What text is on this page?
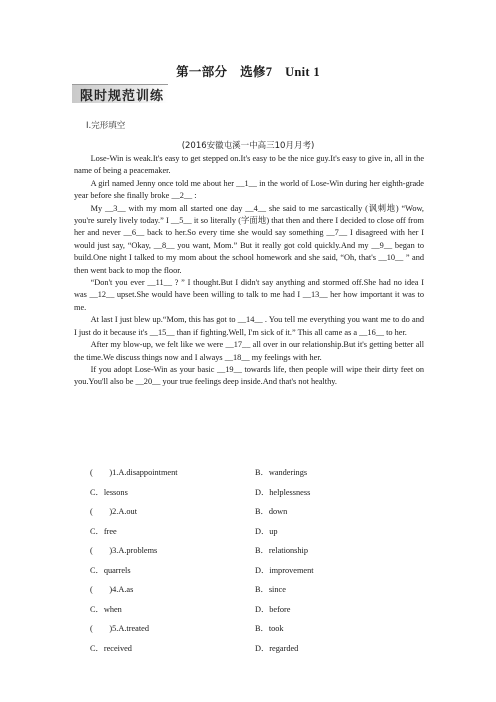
第一部分　选修7　Unit 1
限时规范训练
Ⅰ.完形填空
(2016安徽屯溪一中高三10月月考)

Lose-Win is weak.It's easy to get stepped on.It's easy to be the nice guy.It's easy to give in, all in the name of being a peacemaker.

A girl named Jenny once told me about her __1__ in the world of Lose-Win during her eighth-grade year before she finally broke __2__ :

My __3__ with my mom all started one day __4__ she said to me sarcastically (讽刺地) “Wow, you're surely lively today.” I __5__ it so literally (字面地) that then and there I decided to close off from her and never __6__ back to her.So every time she would say something __7__ I disagreed with her I would just say, “Okay, __8__ you want, Mom.” But it really got cold quickly.And my __9__ began to build.One night I talked to my mom about the school homework and she said, “Oh, that's __10__ ” and then went back to mop the floor.

“Don't you ever __11__ ? ” I thought.But I didn't say anything and stormed off.She had no idea I was __12__ upset.She would have been willing to talk to me had I __13__ her how important it was to me.

At last I just blew up.“Mom, this has got to __14__ . You tell me everything you want me to do and I just do it because it's __15__ than if fighting.Well, I'm sick of it.” This all came as a __16__ to her.

After my blow-up, we felt like we were __17__ all over in our relationship.But it's getting better all the time.We discuss things now and I always __18__ my feelings with her.

If you adopt Lose-Win as your basic __19__ towards life, then people will wipe their dirty feet on you.You'll also be __20__ your true feelings deep inside.And that's not healthy.

(　　)1.A.disappointment	B．wanderings
C．lessons	D．helplessness
(　　)2.A.out	B．down
C．free	D．up
(　　)3.A.problems	B．relationship
C．quarrels	D．improvement
(　　)4.A.as	B．since
C．when	D．before
(　　)5.A.treated	B．took
C．received	D．regarded
